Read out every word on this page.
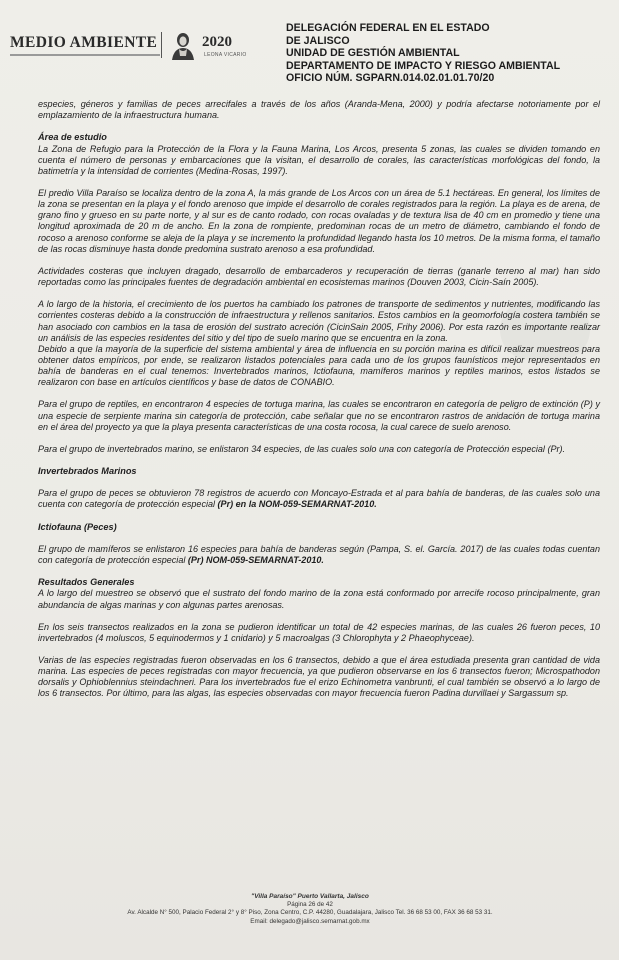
MEDIO AMBIENTE	2020
LEONA VICARIO
DELEGACIÓN FEDERAL EN EL ESTADO
DE JALISCO
UNIDAD DE GESTIÓN AMBIENTAL
DEPARTAMENTO DE IMPACTO Y RIESGO AMBIENTAL
OFICIO NÚM. SGPARN.014.02.01.01.70/20

especies, géneros y familias de peces arrecifales a través de los años (Aranda-Mena, 2000) y podría afectarse notoriamente por el emplazamiento de la infraestructura humana.

Área de estudio

La Zona de Refugio para la Protección de la Flora y la Fauna Marina, Los Arcos, presenta 5 zonas, las cuales se dividen tomando en cuenta el número de personas y embarcaciones que la visitan, el desarrollo de corales, las características morfológicas del fondo, la batimetría y la intensidad de corrientes (Medina-Rosas, 1997).

El predio Villa Paraíso se localiza dentro de la zona A, la más grande de Los Arcos con un área de 5.1 hectáreas. En general, los límites de la zona se presentan en la playa y el fondo arenoso que impide el desarrollo de corales registrados para la región. La playa es de arena, de grano fino y grueso en su parte norte, y al sur es de canto rodado, con rocas ovaladas y de textura lisa de 40 cm en promedio y tiene una longitud aproximada de 20 m de ancho. En la zona de rompiente, predominan rocas de un metro de diámetro, cambiando el fondo de rocoso a arenoso conforme se aleja de la playa y se incremento la profundidad llegando hasta los 10 metros. De la misma forma, el tamaño de las rocas disminuye hasta donde predomina sustrato arenoso a esa profundidad.

Actividades costeras que incluyen dragado, desarrollo de embarcaderos y recuperación de tierras (ganarle terreno al mar) han sido reportadas como las principales fuentes de degradación ambiental en ecosistemas marinos (Douven 2003, Cicin-Saín 2005).

A lo largo de la historia, el crecimiento de los puertos ha cambiado los patrones de transporte de sedimentos y nutrientes, modificando las corrientes costeras debido a la construcción de infraestructura y rellenos sanitarios. Estos cambios en la geomorfología costera también se han asociado con cambios en la tasa de erosión del sustrato acreción (CicinSain 2005, Frihy 2006). Por esta razón es importante realizar un análisis de las especies residentes del sitio y del tipo de suelo marino que se encuentra en la zona.

Debido a que la mayoría de la superficie del sistema ambiental y área de influencia en su porción marina es difícil realizar muestreos para obtener datos empíricos, por ende, se realizaron listados potenciales para cada uno de los grupos faunísticos mejor representados en bahía de banderas en el cual tenemos: Invertebrados marinos, Ictiofauna, mamíferos marinos y reptiles marinos, estos listados se realizaron con base en artículos científicos y base de datos de CONABIO.

Para el grupo de reptiles, en encontraron 4 especies de tortuga marina, las cuales se encontraron en categoría de peligro de extinción (P) y una especie de serpiente marina sin categoría de protección, cabe señalar que no se encontraron rastros de anidación de tortuga marina en el área del proyecto ya que la playa presenta características de una costa rocosa, la cual carece de suelo arenoso.

Para el grupo de invertebrados marino, se enlistaron 34 especies, de las cuales solo una con categoría de Protección especial (Pr).

Invertebrados Marinos

Para el grupo de peces se obtuvieron 78 registros de acuerdo con Moncayo-Estrada et al para bahía de banderas, de las cuales solo una cuenta con categoría de protección especial (Pr) en la NOM-059-SEMARNAT-2010.

Ictiofauna (Peces)

El grupo de mamíferos se enlistaron 16 especies para bahía de banderas según (Pampa, S. el. García. 2017) de las cuales todas cuentan con categoría de protección especial (Pr) NOM-059-SEMARNAT-2010.

Resultados Generales

A lo largo del muestreo se observó que el sustrato del fondo marino de la zona está conformado por arrecife rocoso principalmente, gran abundancia de algas marinas y con algunas partes arenosas.

En los seis transectos realizados en la zona se pudieron identificar un total de 42 especies marinas, de las cuales 26 fueron peces, 10 invertebrados (4 moluscos, 5 equinodermos y 1 cnidario) y 5 macroalgas (3 Chlorophyta y 2 Phaeophyceae).

Varias de las especies registradas fueron observadas en los 6 transectos, debido a que el área estudiada presenta gran cantidad de vida marina. Las especies de peces registradas con mayor frecuencia, ya que pudieron observarse en los 6 transectos fueron; Microspathodon dorsalis y Ophioblennius steindachneri. Para los invertebrados fue el erizo Echinometra vanbrunti, el cual también se observó a lo largo de los 6 transectos. Por último, para las algas, las especies observadas con mayor frecuencia fueron Padina durvillaei y Sargassum sp.

"Villa Paraíso" Puerto Vallarta, Jalisco
Página 26 de 42
Av. Alcalde N° 500, Palacio Federal 2° y 8° Piso, Zona Centro, C.P. 44280, Guadalajara, Jalisco Tel. 36 68 53 00, FAX 36 68 53 31.
Email: delegado@jalisco.semarnat.gob.mx
